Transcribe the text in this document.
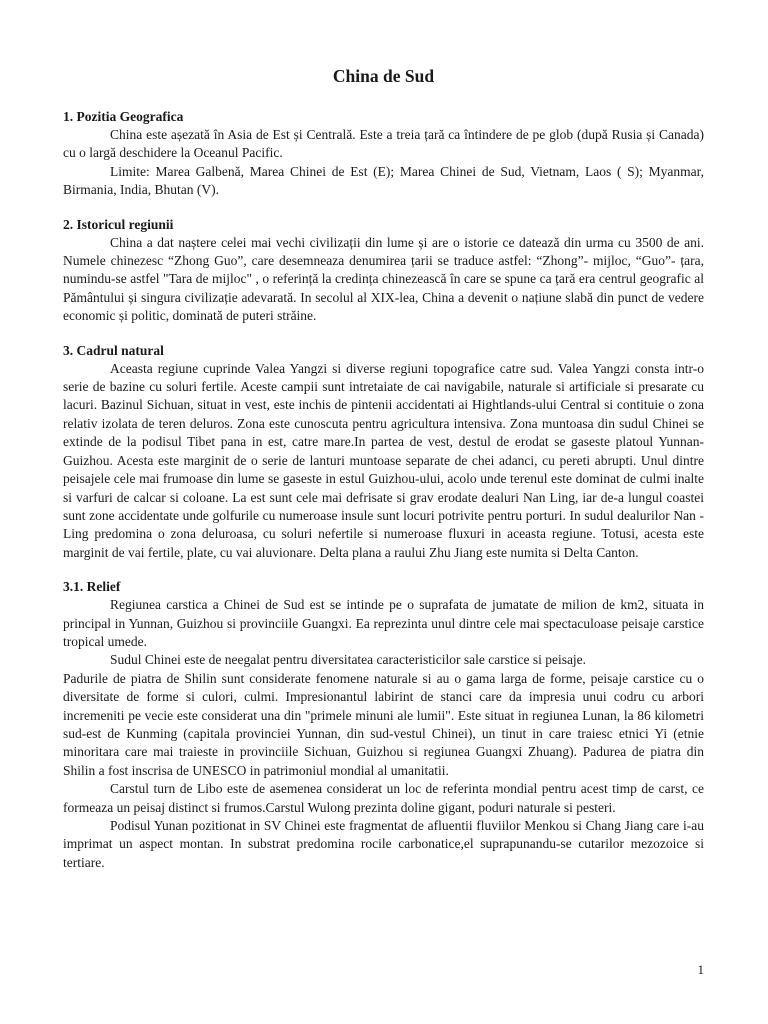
China de Sud
1. Pozitia Geografica

China este așezată în Asia de Est și Centrală. Este a treia țară ca întindere de pe glob (după Rusia și Canada) cu o largă deschidere la Oceanul Pacific.

Limite: Marea Galbenă, Marea Chinei de Est (E); Marea Chinei de Sud, Vietnam, Laos ( S); Myanmar, Birmania, India, Bhutan (V).

2. Istoricul regiunii

China a dat naștere celei mai vechi civilizații din lume și are o istorie ce datează din urma cu 3500 de ani. Numele chinezesc “Zhong Guo”, care desemneaza denumirea țarii se traduce astfel: “Zhong”- mijloc, “Guo”- țara, numindu-se astfel "Tara de mijloc" , o referință la credința chinezească în care se spune ca țară era centrul geografic al Pământului și singura civilizație adevarată. In secolul al XIX-lea, China a devenit o națiune slabă din punct de vedere economic și politic, dominată de puteri străine.

3. Cadrul natural

Aceasta regiune cuprinde Valea Yangzi si diverse regiuni topografice catre sud. Valea Yangzi consta intr-o serie de bazine cu soluri fertile. Aceste campii sunt intretaiate de cai navigabile, naturale si artificiale si presarate cu lacuri. Bazinul Sichuan, situat in vest, este inchis de pintenii accidentati ai Hightlands-ului Central si contituie o zona relativ izolata de teren deluros. Zona este cunoscuta pentru agricultura intensiva. Zona muntoasa din sudul Chinei se extinde de la podisul Tibet pana in est, catre mare.In partea de vest, destul de erodat se gaseste platoul Yunnan-Guizhou. Acesta este marginit de o serie de lanturi muntoase separate de chei adanci, cu pereti abrupti. Unul dintre peisajele cele mai frumoase din lume se gaseste in estul Guizhou-ului, acolo unde terenul este dominat de culmi inalte si varfuri de calcar si coloane. La est sunt cele mai defrisate si grav erodate dealuri Nan Ling, iar de-a lungul coastei sunt zone accidentate unde golfurile cu numeroase insule sunt locuri potrivite pentru porturi. In sudul dealurilor Nan - Ling predomina o zona deluroasa, cu soluri nefertile si numeroase fluxuri in aceasta regiune. Totusi, acesta este marginit de vai fertile, plate, cu vai aluvionare. Delta plana a raului Zhu Jiang este numita si Delta Canton.

3.1. Relief

Regiunea carstica a Chinei de Sud est se intinde pe o suprafata de jumatate de milion de km2, situata in principal in Yunnan, Guizhou si provinciile Guangxi. Ea reprezinta unul dintre cele mai spectaculoase peisaje carstice tropical umede.

Sudul Chinei este de neegalat pentru diversitatea caracteristicilor sale carstice si peisaje.

Padurile de piatra de Shilin sunt considerate fenomene naturale si au o gama larga de forme, peisaje carstice cu o diversitate de forme si culori, culmi. Impresionantul labirint de stanci care da impresia unui codru cu arbori incremeniti pe vecie este considerat una din "primele minuni ale lumii". Este situat in regiunea Lunan, la 86 kilometri sud-est de Kunming (capitala provinciei Yunnan, din sud-vestul Chinei), un tinut in care traiesc etnici Yi (etnie minoritara care mai traieste in provinciile Sichuan, Guizhou si regiunea Guangxi Zhuang). Padurea de piatra din Shilin a fost inscrisa de UNESCO in patrimoniul mondial al umanitatii.

Carstul turn de Libo este de asemenea considerat un loc de referinta mondial pentru acest timp de carst, ce formeaza un peisaj distinct si frumos.Carstul Wulong prezinta doline gigant, poduri naturale si pesteri.

Podisul Yunan pozitionat in SV Chinei este fragmentat de afluentii fluviilor Menkou si Chang Jiang care i-au imprimat un aspect montan. In substrat predomina rocile carbonatice,el suprapunandu-se cutarilor mezozoice si tertiare.

1
